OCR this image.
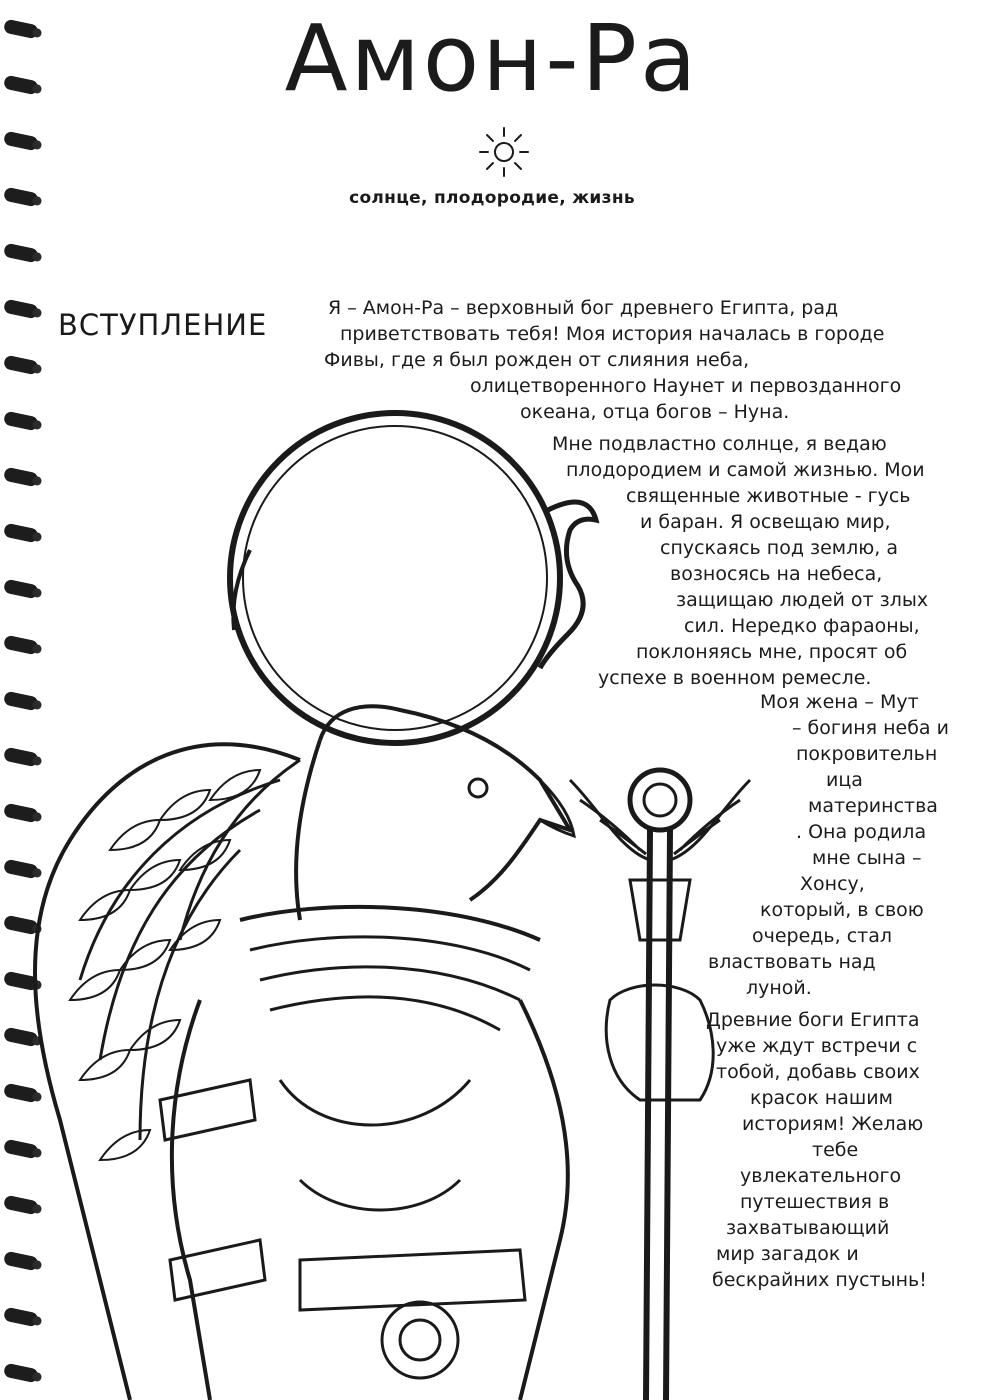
Амон-Ра
солнце, плодородие, жизнь
ВСТУПЛЕНИЕ	Я – Амон-Ра – верховный бог древнего Египта, рад
приветствовать тебя! Моя история началась в городе
Фивы, где я был рожден от слияния неба,
олицетворенного Наунет и первозданного
океана, отца богов – Нуна.
Мне подвластно солнце, я ведаю
плодородием и самой жизнью. Мои
священные животные - гусь
и баран. Я освещаю мир,
спускаясь под землю, а
возносясь на небеса,
защищаю людей от злых
сил. Нередко фараоны,
поклоняясь мне, просят об
успехе в военном ремесле.
Моя жена – Мут
– богиня неба и
покровительн
ица
материнства
. Она родила
мне сына –
Хонсу,
который, в свою
очередь, стал
властвовать над
луной.
Древние боги Египта
уже ждут встречи с
тобой, добавь своих
красок нашим
историям! Желаю
тебе
увлекательного
путешествия в
захватывающий
мир загадок и
бескрайних пустынь!
